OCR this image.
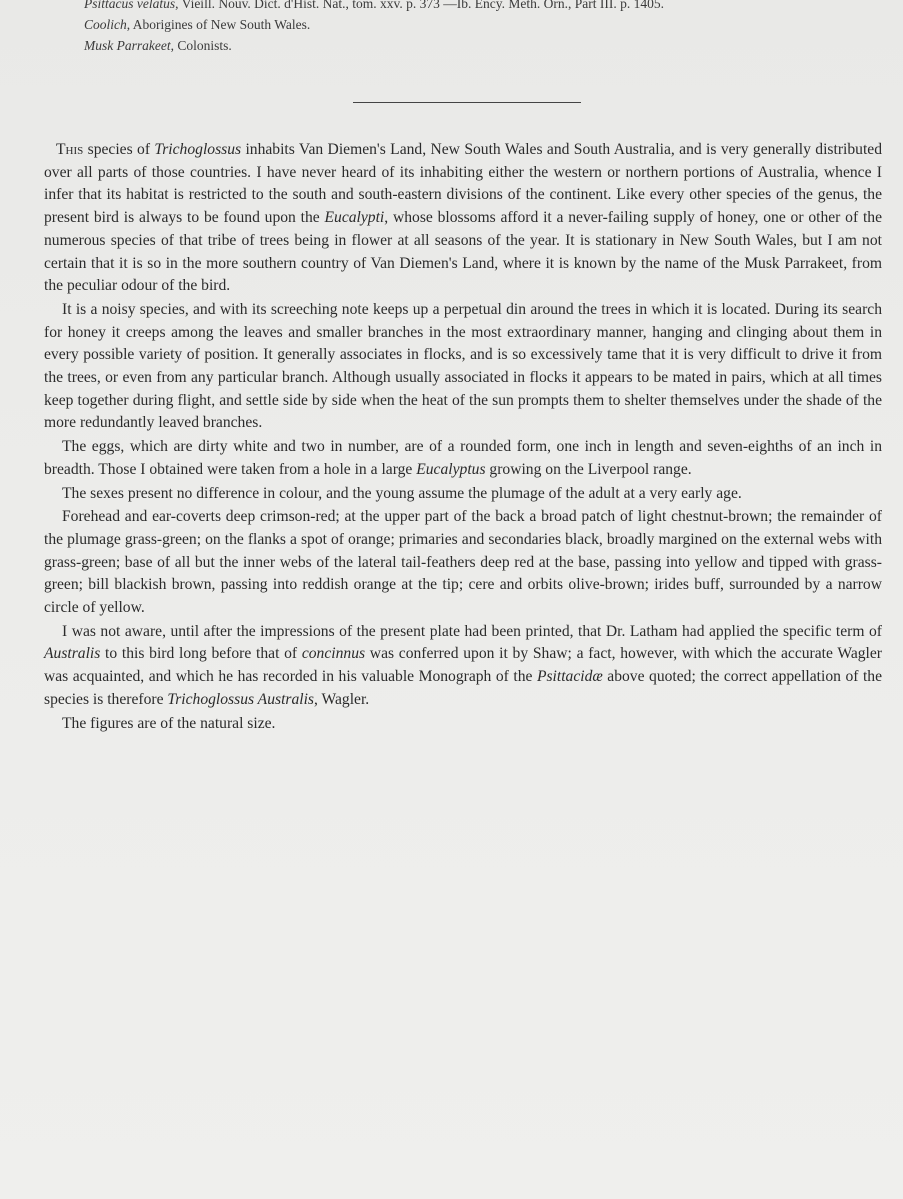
Psittacus velatus, Vieill. Nouv. Dict. d'Hist. Nat., tom. xxv. p. 373 —Ib. Ency. Meth. Orn., Part III. p. 1405.
Coolich, Aborigines of New South Wales.
Musk Parrakeet, Colonists.

This species of Trichoglossus inhabits Van Diemen's Land, New South Wales and South Australia, and is very generally distributed over all parts of those countries. I have never heard of its inhabiting either the western or northern portions of Australia, whence I infer that its habitat is restricted to the south and south-eastern divisions of the continent. Like every other species of the genus, the present bird is always to be found upon the Eucalypti, whose blossoms afford it a never-failing supply of honey, one or other of the numerous species of that tribe of trees being in flower at all seasons of the year. It is stationary in New South Wales, but I am not certain that it is so in the more southern country of Van Diemen's Land, where it is known by the name of the Musk Parrakeet, from the peculiar odour of the bird.

It is a noisy species, and with its screeching note keeps up a perpetual din around the trees in which it is located. During its search for honey it creeps among the leaves and smaller branches in the most extraordinary manner, hanging and clinging about them in every possible variety of position. It generally associates in flocks, and is so excessively tame that it is very difficult to drive it from the trees, or even from any particular branch. Although usually associated in flocks it appears to be mated in pairs, which at all times keep together during flight, and settle side by side when the heat of the sun prompts them to shelter themselves under the shade of the more redundantly leaved branches.

The eggs, which are dirty white and two in number, are of a rounded form, one inch in length and seven-eighths of an inch in breadth. Those I obtained were taken from a hole in a large Eucalyptus growing on the Liverpool range.

The sexes present no difference in colour, and the young assume the plumage of the adult at a very early age.

Forehead and ear-coverts deep crimson-red; at the upper part of the back a broad patch of light chestnut-brown; the remainder of the plumage grass-green; on the flanks a spot of orange; primaries and secondaries black, broadly margined on the external webs with grass-green; base of all but the inner webs of the lateral tail-feathers deep red at the base, passing into yellow and tipped with grass-green; bill blackish brown, passing into reddish orange at the tip; cere and orbits olive-brown; irides buff, surrounded by a narrow circle of yellow.

I was not aware, until after the impressions of the present plate had been printed, that Dr. Latham had applied the specific term of Australis to this bird long before that of concinnus was conferred upon it by Shaw; a fact, however, with which the accurate Wagler was acquainted, and which he has recorded in his valuable Monograph of the Psittacidæ above quoted; the correct appellation of the species is therefore Trichoglossus Australis, Wagler.

The figures are of the natural size.
